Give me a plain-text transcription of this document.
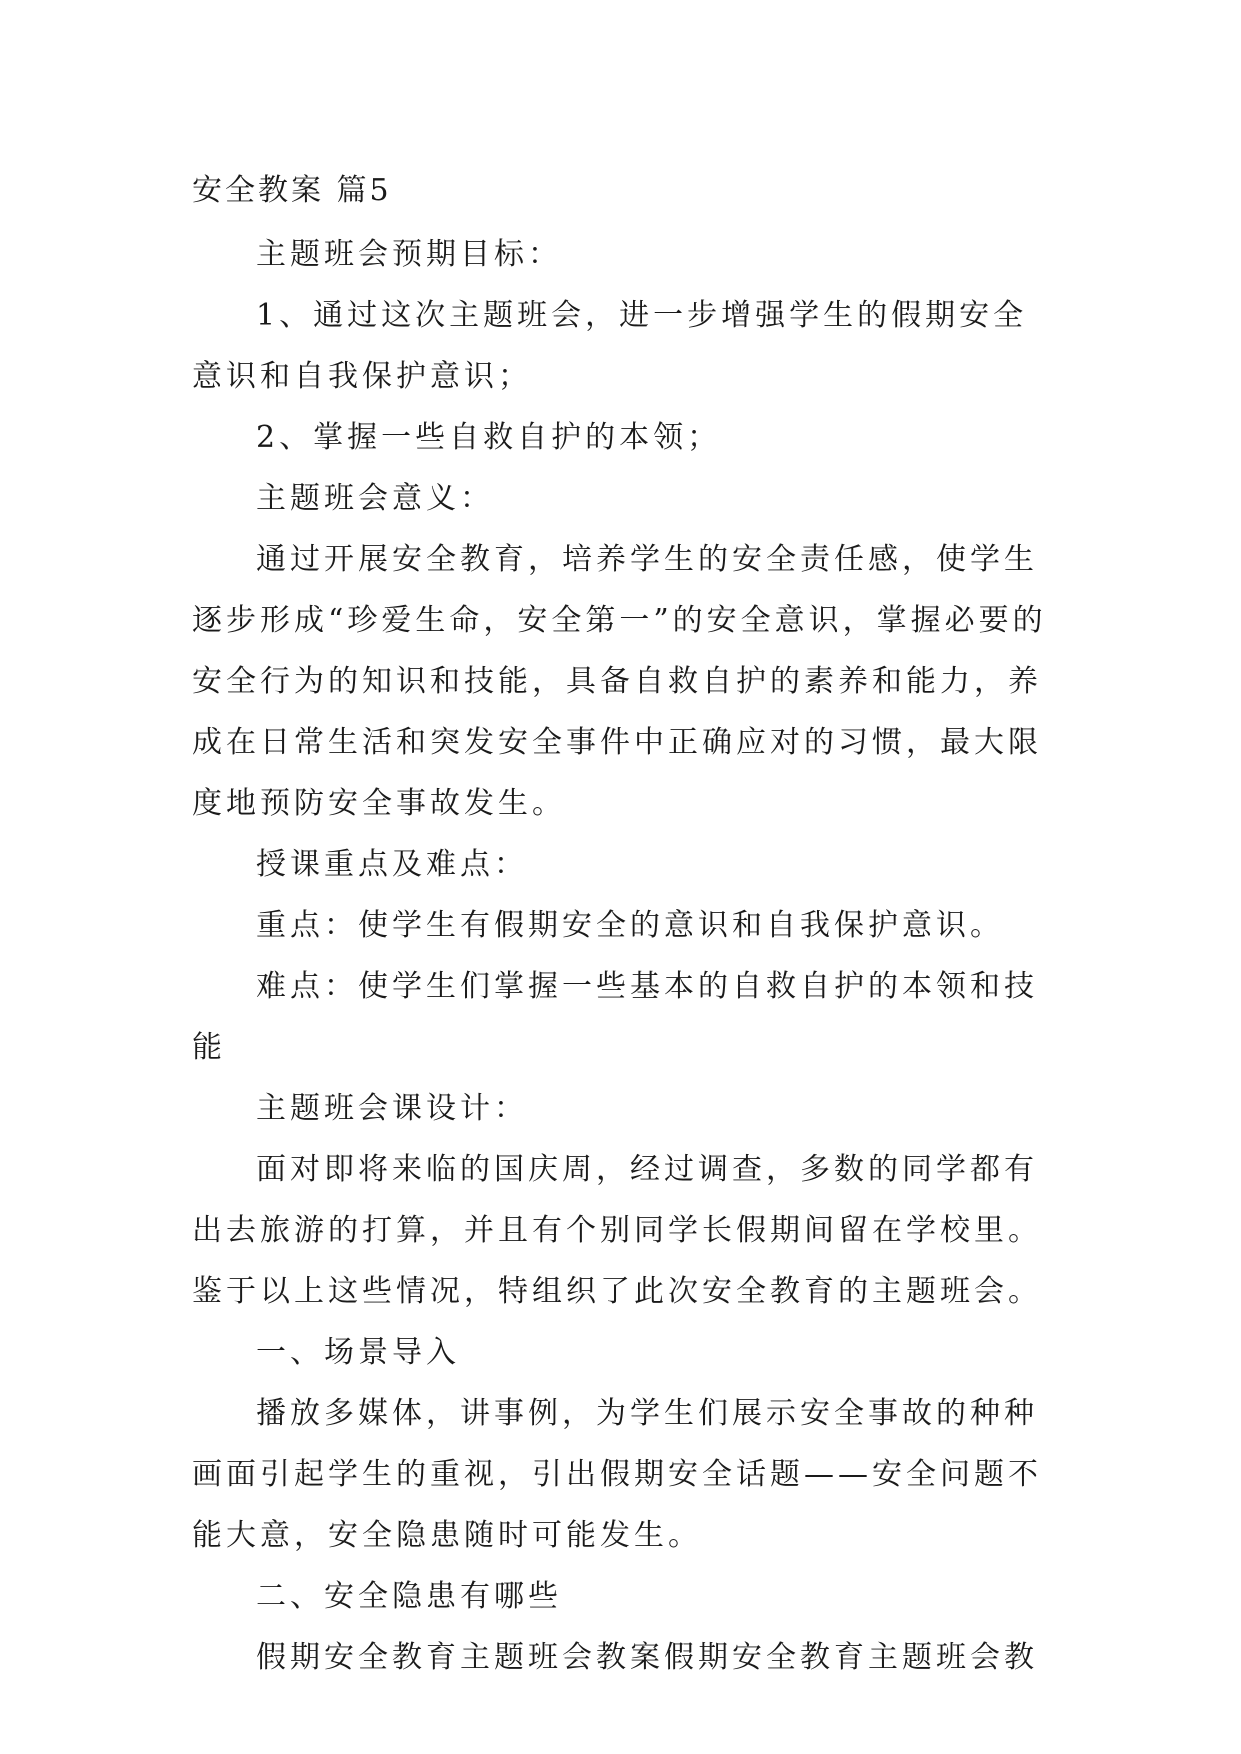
安全教案 篇5
主题班会预期目标：
1、通过这次主题班会，进一步增强学生的假期安全意识和自我保护意识；
2、掌握一些自救自护的本领；
主题班会意义：
通过开展安全教育，培养学生的安全责任感，使学生逐步形成“珍爱生命，安全第一”的安全意识，掌握必要的安全行为的知识和技能，具备自救自护的素养和能力，养成在日常生活和突发安全事件中正确应对的习惯，最大限度地预防安全事故发生。
授课重点及难点：
重点：使学生有假期安全的意识和自我保护意识。
难点：使学生们掌握一些基本的自救自护的本领和技能
主题班会课设计：
面对即将来临的国庆周，经过调查，多数的同学都有出去旅游的打算，并且有个别同学长假期间留在学校里。鉴于以上这些情况，特组织了此次安全教育的主题班会。
一、场景导入
播放多媒体，讲事例，为学生们展示安全事故的种种画面引起学生的重视，引出假期安全话题——安全问题不能大意，安全隐患随时可能发生。
二、安全隐患有哪些
假期安全教育主题班会教案假期安全教育主题班会教
